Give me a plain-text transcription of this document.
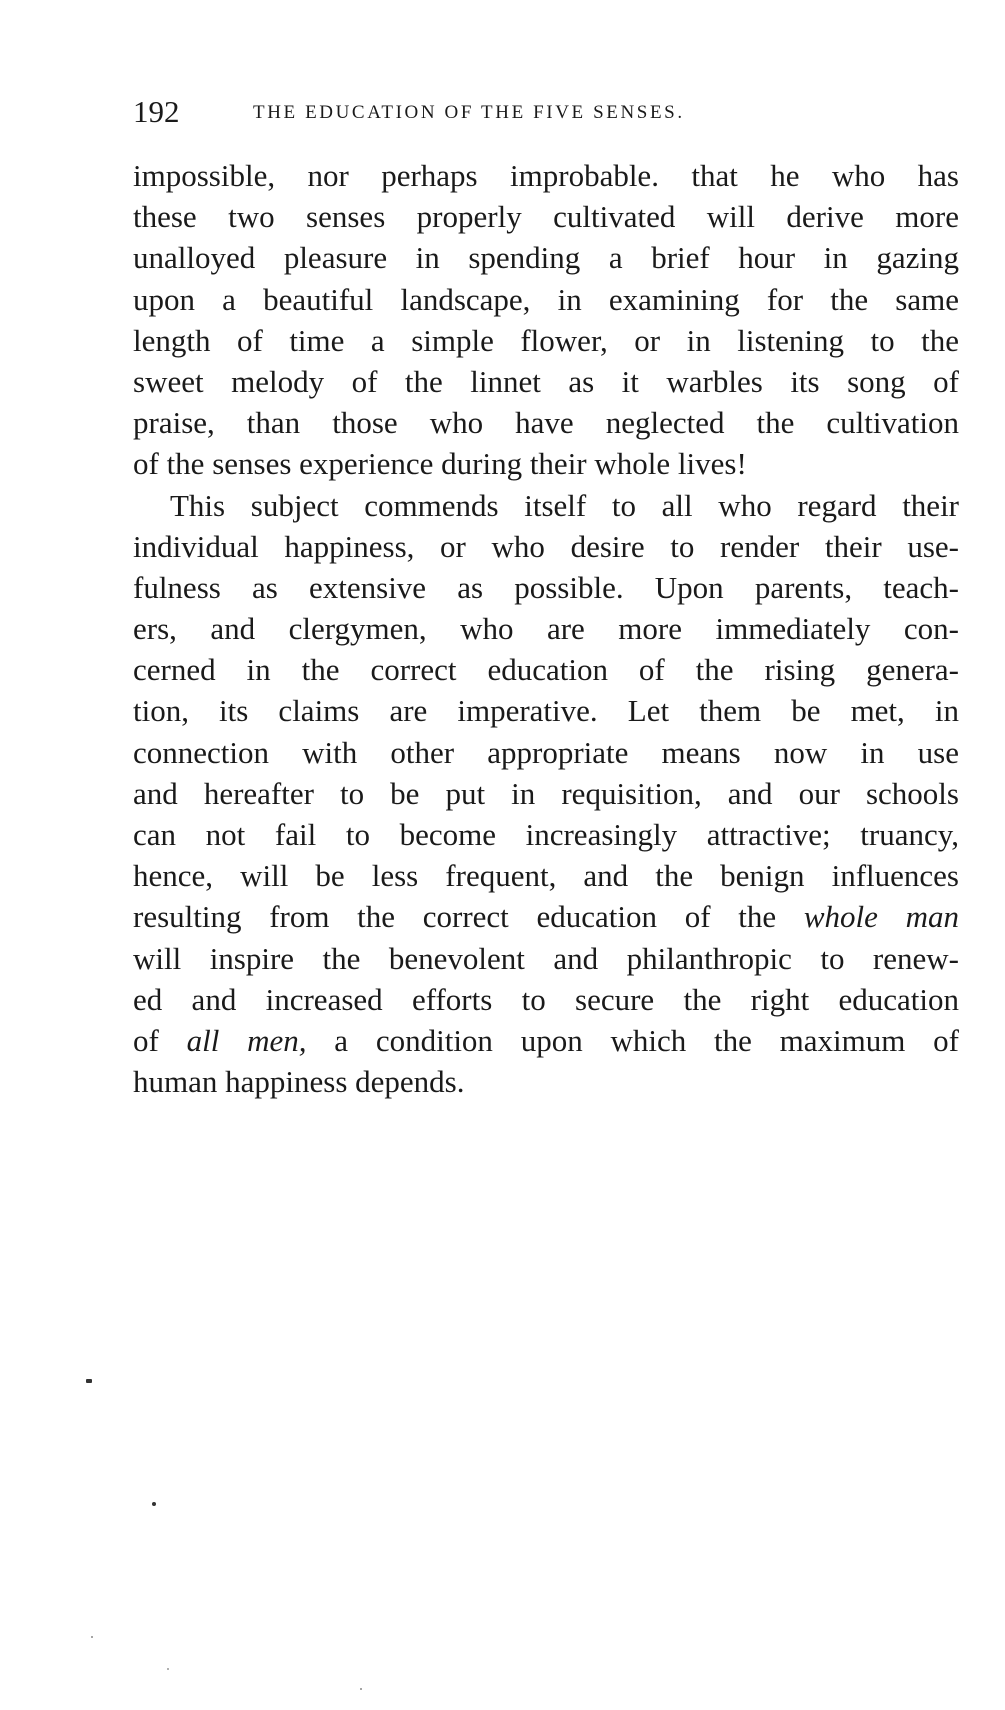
192	THE EDUCATION OF THE FIVE SENSES.
impossible, nor perhaps improbable. that he who has
these two senses properly cultivated will derive more
unalloyed pleasure in spending a brief hour in gazing
upon a beautiful landscape, in examining for the same
length of time a simple flower, or in listening to the
sweet melody of the linnet as it warbles its song of
praise, than those who have neglected the cultivation
of the senses experience during their whole lives!
This subject commends itself to all who regard their
individual happiness, or who desire to render their use-
fulness as extensive as possible. Upon parents, teach-
ers, and clergymen, who are more immediately con-
cerned in the correct education of the rising genera-
tion, its claims are imperative. Let them be met, in
connection with other appropriate means now in use
and hereafter to be put in requisition, and our schools
can not fail to become increasingly attractive; truancy,
hence, will be less frequent, and the benign influences
resulting from the correct education of the whole man
will inspire the benevolent and philanthropic to renew-
ed and increased efforts to secure the right education
of all men, a condition upon which the maximum of
human happiness depends.
